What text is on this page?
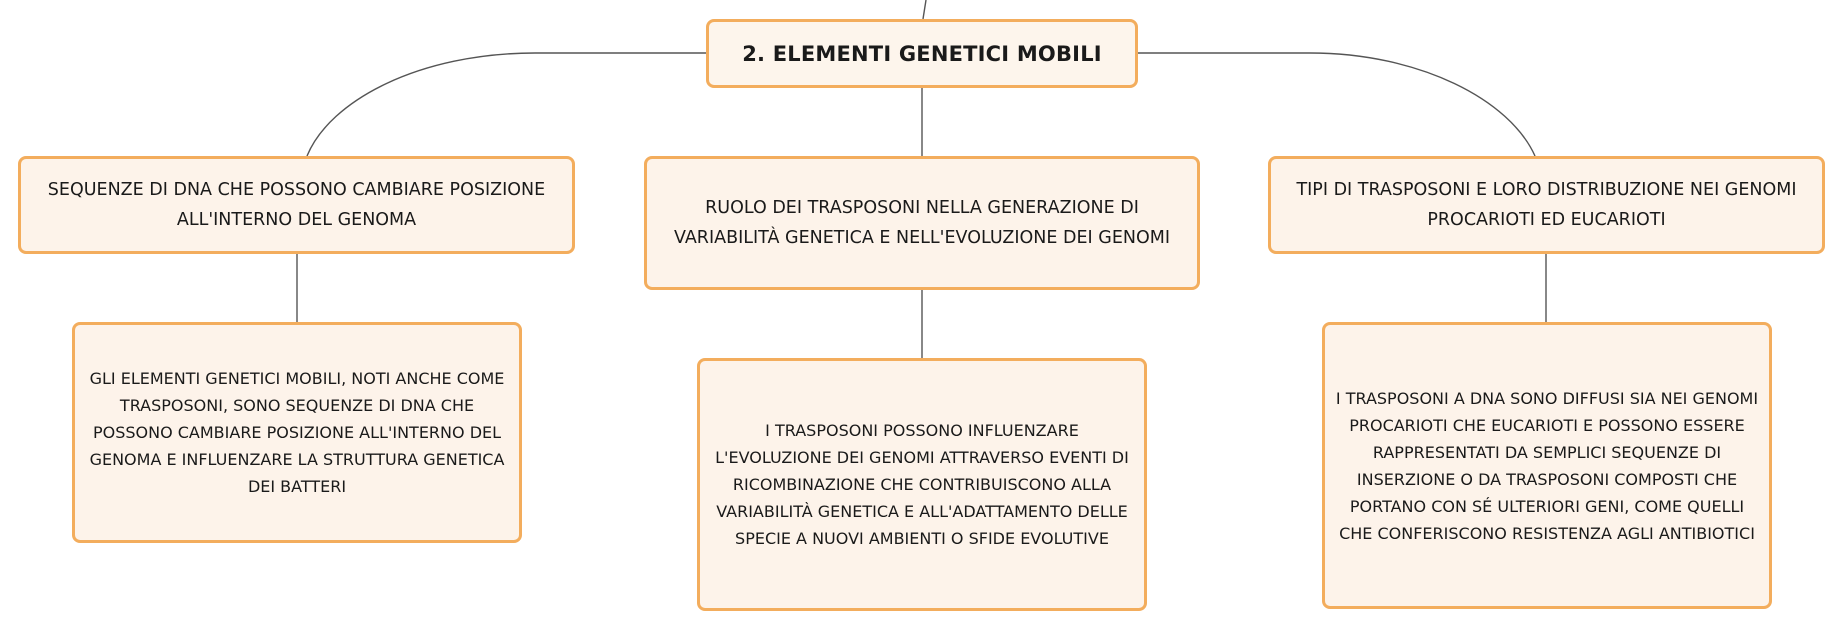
2. ELEMENTI GENETICI MOBILI
SEQUENZE DI DNA CHE POSSONO CAMBIARE POSIZIONE ALL'INTERNO DEL GENOMA
RUOLO DEI TRASPOSONI NELLA GENERAZIONE DI VARIABILITÀ GENETICA E NELL'EVOLUZIONE DEI GENOMI
TIPI DI TRASPOSONI E LORO DISTRIBUZIONE NEI GENOMI PROCARIOTI ED EUCARIOTI
GLI ELEMENTI GENETICI MOBILI, NOTI ANCHE COME TRASPOSONI, SONO SEQUENZE DI DNA CHE POSSONO CAMBIARE POSIZIONE ALL'INTERNO DEL GENOMA E INFLUENZARE LA STRUTTURA GENETICA DEI BATTERI
I TRASPOSONI POSSONO INFLUENZARE L'EVOLUZIONE DEI GENOMI ATTRAVERSO EVENTI DI RICOMBINAZIONE CHE CONTRIBUISCONO ALLA VARIABILITÀ GENETICA E ALL'ADATTAMENTO DELLE SPECIE A NUOVI AMBIENTI O SFIDE EVOLUTIVE
I TRASPOSONI A DNA SONO DIFFUSI SIA NEI GENOMI PROCARIOTI CHE EUCARIOTI E POSSONO ESSERE RAPPRESENTATI DA SEMPLICI SEQUENZE DI INSERZIONE O DA TRASPOSONI COMPOSTI CHE PORTANO CON SÉ ULTERIORI GENI, COME QUELLI CHE CONFERISCONO RESISTENZA AGLI ANTIBIOTICI
